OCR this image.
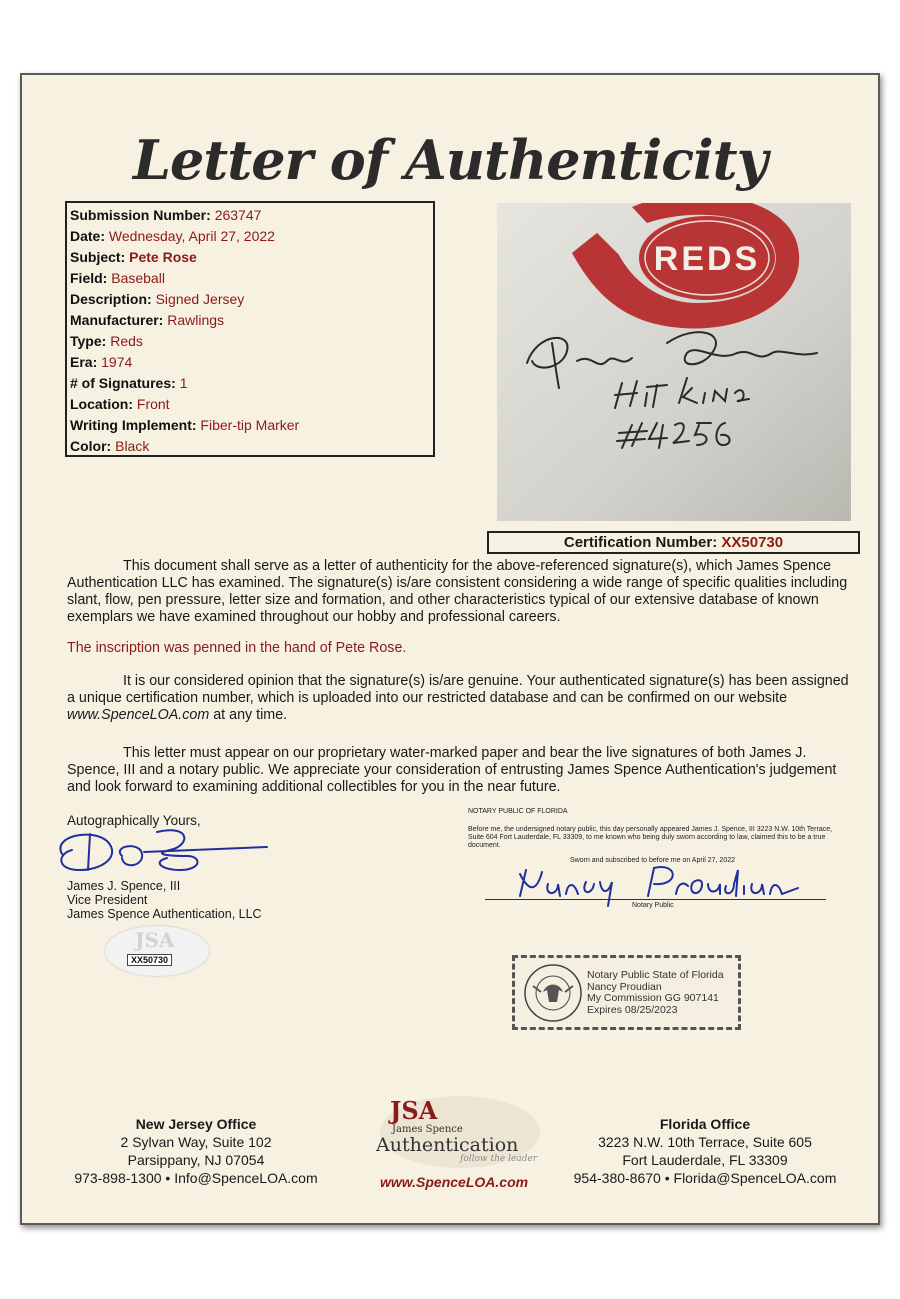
Letter of Authenticity
Submission Number: 263747
Date: Wednesday, April 27, 2022
Subject: Pete Rose
Field: Baseball
Description: Signed Jersey
Manufacturer: Rawlings
Type: Reds
Era: 1974
# of Signatures: 1
Location: Front
Writing Implement: Fiber-tip Marker
Color: Black
REDS
Certification Number: XX50730
This document shall serve as a letter of authenticity for the above-referenced signature(s), which James Spence Authentication LLC has examined. The signature(s) is/are consistent considering a wide range of specific qualities including slant, flow, pen pressure, letter size and formation, and other characteristics typical of our extensive database of known exemplars we have examined throughout our hobby and professional careers.
The inscription was penned in the hand of Pete Rose.
It is our considered opinion that the signature(s) is/are genuine. Your authenticated signature(s) has been assigned a unique certification number, which is uploaded into our restricted database and can be confirmed on our website www.SpenceLOA.com at any time.
This letter must appear on our proprietary water-marked paper and bear the live signatures of both James J. Spence, III and a notary public. We appreciate your consideration of entrusting James Spence Authentication's judgement and look forward to examining additional collectibles for you in the near future.
Autographically Yours,
James J. Spence, III
Vice President
James Spence Authentication, LLC
JSA
XX50730
NOTARY PUBLIC OF FLORIDA
Before me, the undersigned notary public, this day personally appeared James J. Spence, III 3223 N.W. 10th Terrace, Suite 604 Fort Lauderdale, FL 33309, to me known who being duly sworn according to law, claimed this to be a true document.
Sworn and subscribed to before me on April 27, 2022
Notary Public
Notary Public State of Florida
Nancy Proudian
My Commission GG 907141
Expires 08/25/2023
New Jersey Office
2 Sylvan Way, Suite 102
Parsippany, NJ 07054
973-898-1300 • Info@SpenceLOA.com
JSA
James Spence
Authentication
follow the leader
www.SpenceLOA.com
Florida Office
3223 N.W. 10th Terrace, Suite 605
Fort Lauderdale, FL 33309
954-380-8670 • Florida@SpenceLOA.com
